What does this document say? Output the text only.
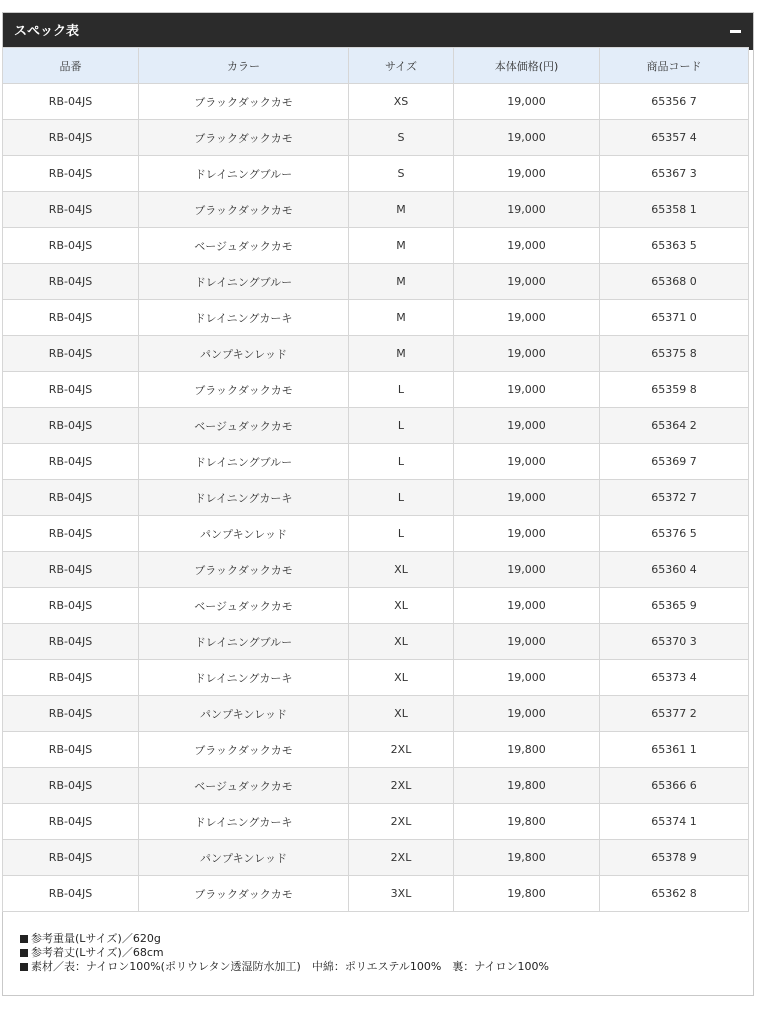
スペック表
品番	カラー	サイズ	本体価格(円)	商品コード
RB-04JS	ブラックダックカモ	XS	19,000	65356 7
RB-04JS	ブラックダックカモ	S	19,000	65357 4
RB-04JS	ドレイニングブルー	S	19,000	65367 3
RB-04JS	ブラックダックカモ	M	19,000	65358 1
RB-04JS	ベージュダックカモ	M	19,000	65363 5
RB-04JS	ドレイニングブルー	M	19,000	65368 0
RB-04JS	ドレイニングカーキ	M	19,000	65371 0
RB-04JS	パンプキンレッド	M	19,000	65375 8
RB-04JS	ブラックダックカモ	L	19,000	65359 8
RB-04JS	ベージュダックカモ	L	19,000	65364 2
RB-04JS	ドレイニングブルー	L	19,000	65369 7
RB-04JS	ドレイニングカーキ	L	19,000	65372 7
RB-04JS	パンプキンレッド	L	19,000	65376 5
RB-04JS	ブラックダックカモ	XL	19,000	65360 4
RB-04JS	ベージュダックカモ	XL	19,000	65365 9
RB-04JS	ドレイニングブルー	XL	19,000	65370 3
RB-04JS	ドレイニングカーキ	XL	19,000	65373 4
RB-04JS	パンプキンレッド	XL	19,000	65377 2
RB-04JS	ブラックダックカモ	2XL	19,800	65361 1
RB-04JS	ベージュダックカモ	2XL	19,800	65366 6
RB-04JS	ドレイニングカーキ	2XL	19,800	65374 1
RB-04JS	パンプキンレッド	2XL	19,800	65378 9
RB-04JS	ブラックダックカモ	3XL	19,800	65362 8
参考重量(Lサイズ)／620g
参考着丈(Lサイズ)／68cm
素材／表：ナイロン100%(ポリウレタン透湿防水加工)　中綿：ポリエステル100%　裏：ナイロン100%
